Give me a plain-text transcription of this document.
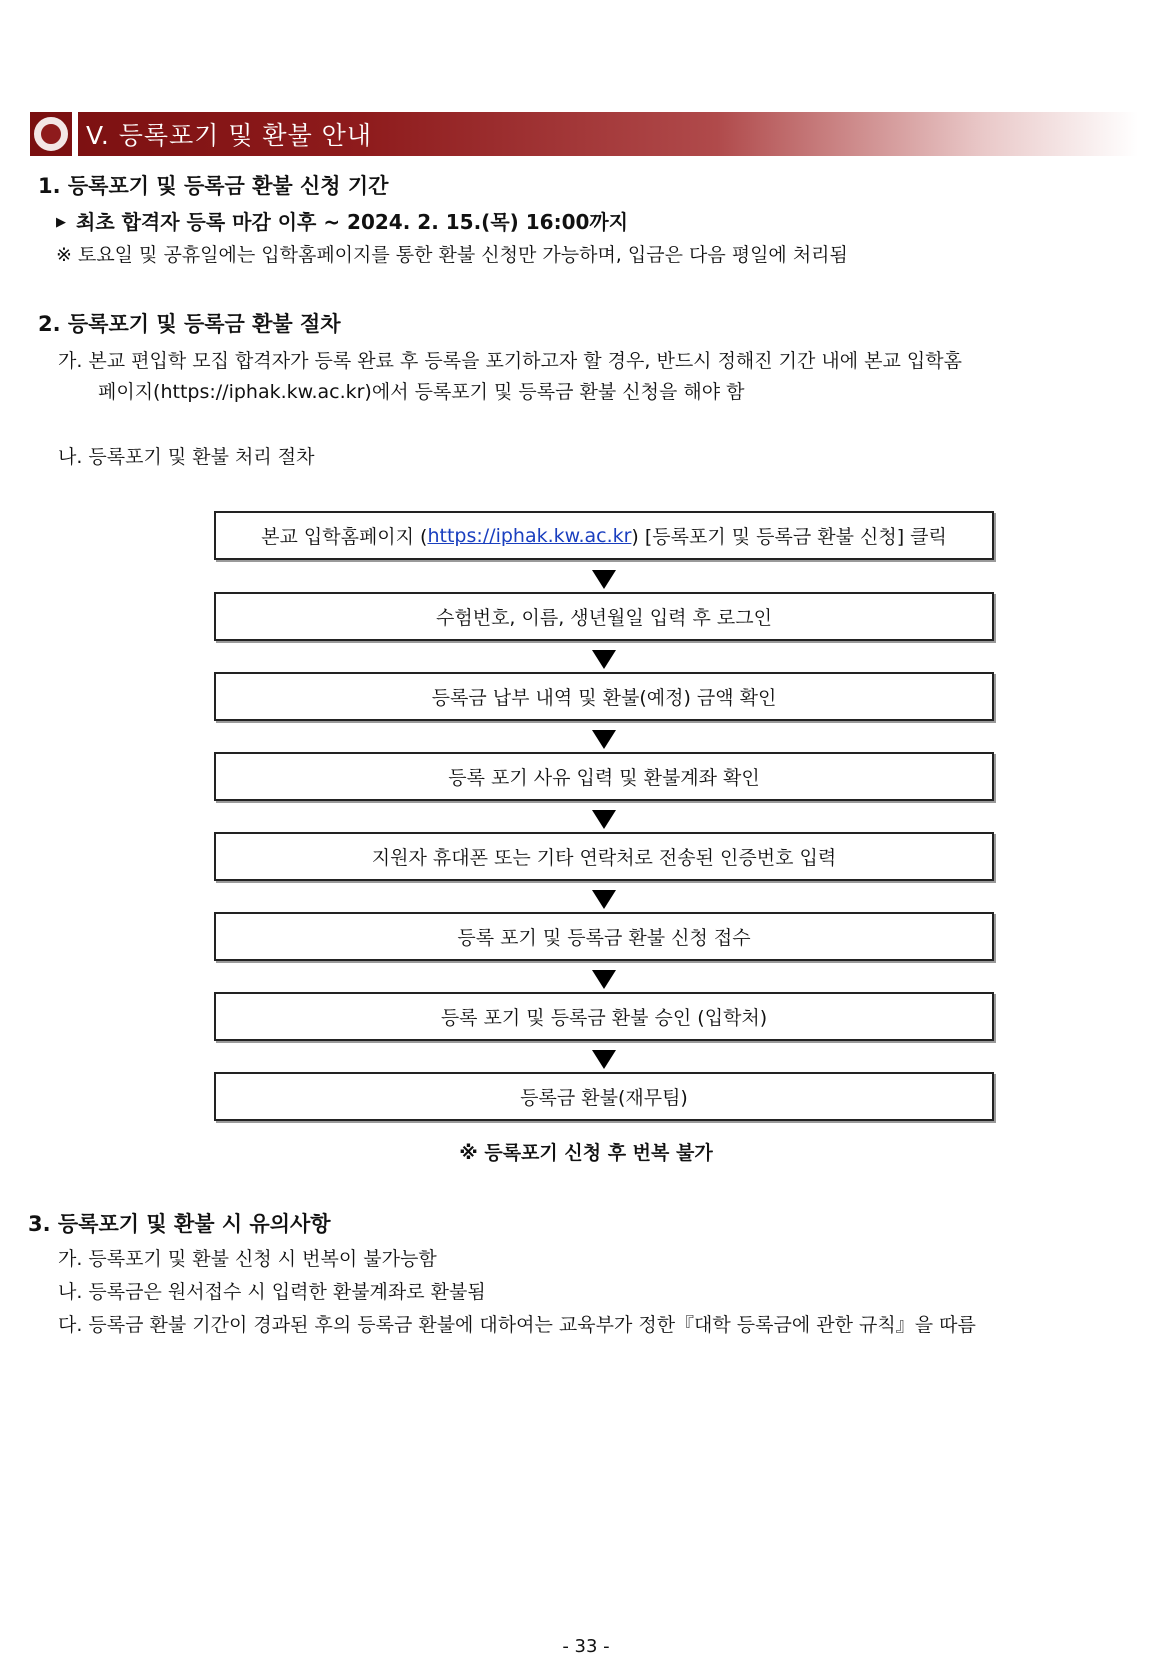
V. 등록포기 및 환불 안내
1. 등록포기 및 등록금 환불 신청 기간
▶ 최초 합격자 등록 마감 이후 ~ 2024. 2. 15.(목) 16:00까지
※ 토요일 및 공휴일에는 입학홈페이지를 통한 환불 신청만 가능하며, 입금은 다음 평일에 처리됨
2. 등록포기 및 등록금 환불 절차
가. 본교 편입학 모집 합격자가 등록 완료 후 등록을 포기하고자 할 경우, 반드시 정해진 기간 내에 본교 입학홈
페이지(https://iphak.kw.ac.kr)에서 등록포기 및 등록금 환불 신청을 해야 함
나. 등록포기 및 환불 처리 절차
본교 입학홈페이지 ( https://iphak.kw.ac.kr ) [등록포기 및 등록금 환불 신청] 클릭
수험번호, 이름, 생년월일 입력 후 로그인
등록금 납부 내역 및 환불(예정) 금액 확인
등록 포기 사유 입력 및 환불계좌 확인
지원자 휴대폰 또는 기타 연락처로 전송된 인증번호 입력
등록 포기 및 등록금 환불 신청 접수
등록 포기 및 등록금 환불 승인 (입학처)
등록금 환불(재무팀)
※ 등록포기 신청 후 번복 불가
3. 등록포기 및 환불 시 유의사항
가. 등록포기 및 환불 신청 시 번복이 불가능함
나. 등록금은 원서접수 시 입력한 환불계좌로 환불됨
다. 등록금 환불 기간이 경과된 후의 등록금 환불에 대하여는 교육부가 정한『대학 등록금에 관한 규칙』을 따름
- 33 -
